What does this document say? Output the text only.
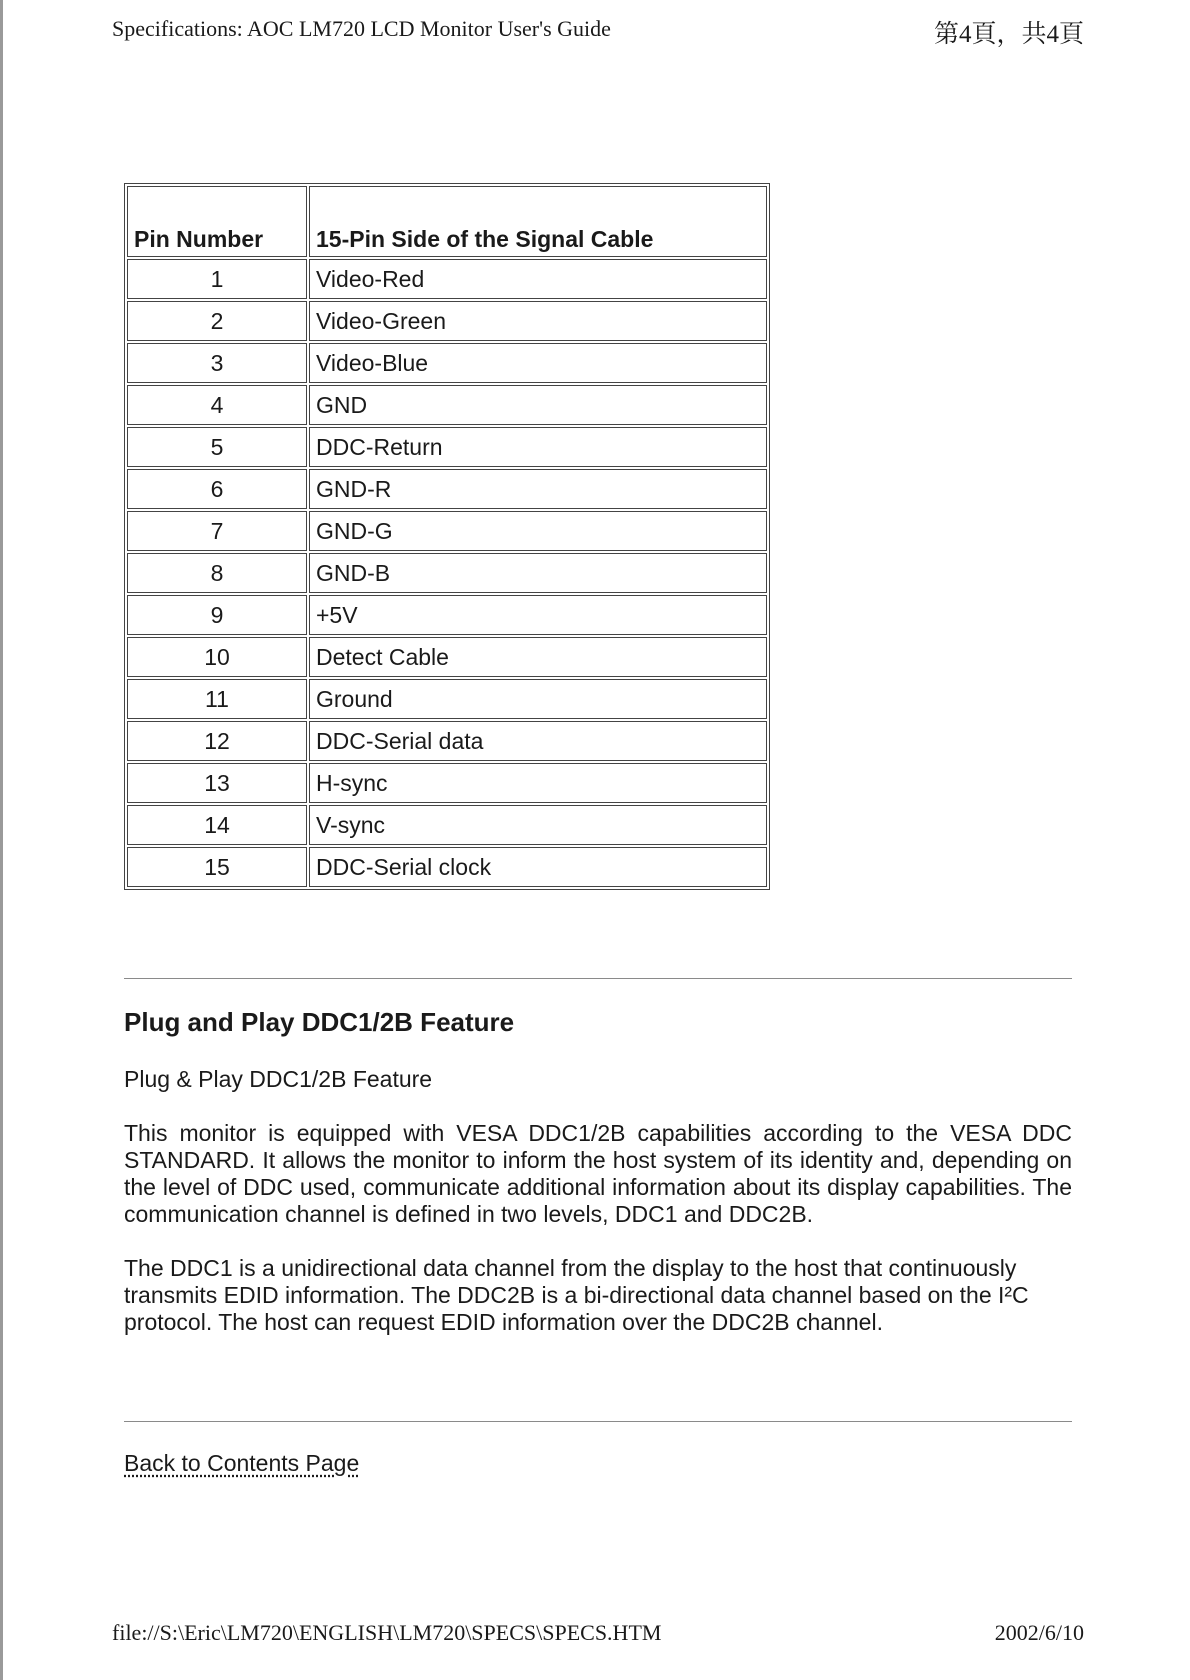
Specifications: AOC LM720 LCD Monitor User's Guide	第4頁，共4頁
Pin Number	15-Pin Side of the Signal Cable
1	Video-Red
2	Video-Green
3	Video-Blue
4	GND
5	DDC-Return
6	GND-R
7	GND-G
8	GND-B
9	+5V
10	Detect Cable
11	Ground
12	DDC-Serial data
13	H-sync
14	V-sync
15	DDC-Serial clock
Plug and Play DDC1/2B Feature

Plug & Play DDC1/2B Feature

This monitor is equipped with VESA DDC1/2B capabilities according to the VESA DDC STANDARD. It allows the monitor to inform the host system of its identity and, depending on the level of DDC used, communicate additional information about its display capabilities. The communication channel is defined in two levels, DDC1 and DDC2B.

The DDC1 is a unidirectional data channel from the display to the host that continuously transmits EDID information. The DDC2B is a bi-directional data channel based on the I²C protocol. The host can request EDID information over the DDC2B channel.

Back to Contents Page
file://S:\Eric\LM720\ENGLISH\LM720\SPECS\SPECS.HTM	2002/6/10
